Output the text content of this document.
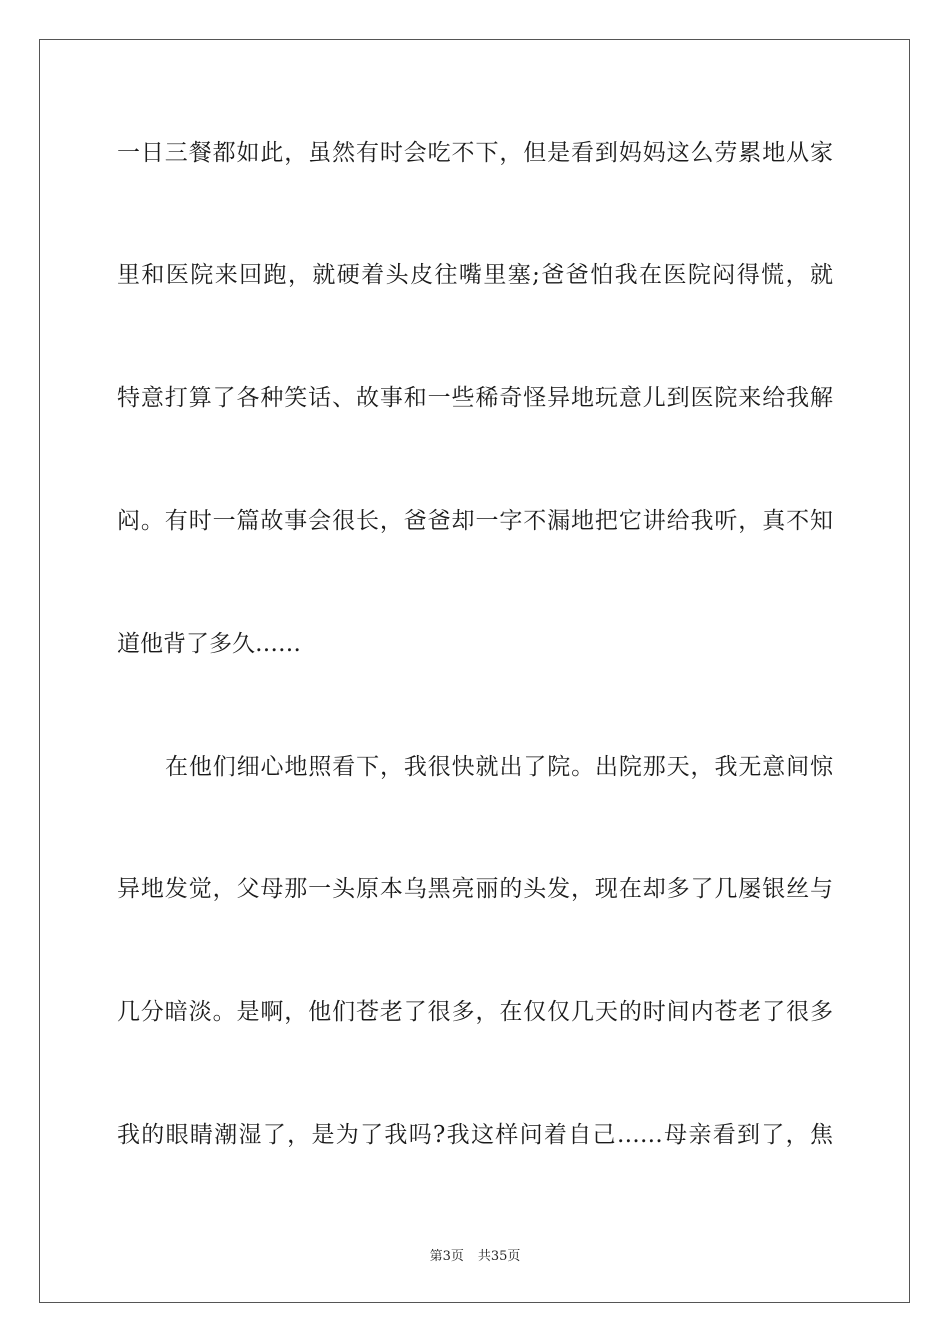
一日三餐都如此，虽然有时会吃不下，但是看到妈妈这么劳累地从家
里和医院来回跑，就硬着头皮往嘴里塞;爸爸怕我在医院闷得慌，就
特意打算了各种笑话、故事和一些稀奇怪异地玩意儿到医院来给我解
闷。有时一篇故事会很长，爸爸却一字不漏地把它讲给我听，真不知
道他背了多久……
在他们细心地照看下，我很快就出了院。出院那天，我无意间惊
异地发觉，父母那一头原本乌黑亮丽的头发，现在却多了几屡银丝与
几分暗淡。是啊，他们苍老了很多，在仅仅几天的时间内苍老了很多
我的眼睛潮湿了，是为了我吗?我这样问着自己……母亲看到了，焦
第3页 共35页
